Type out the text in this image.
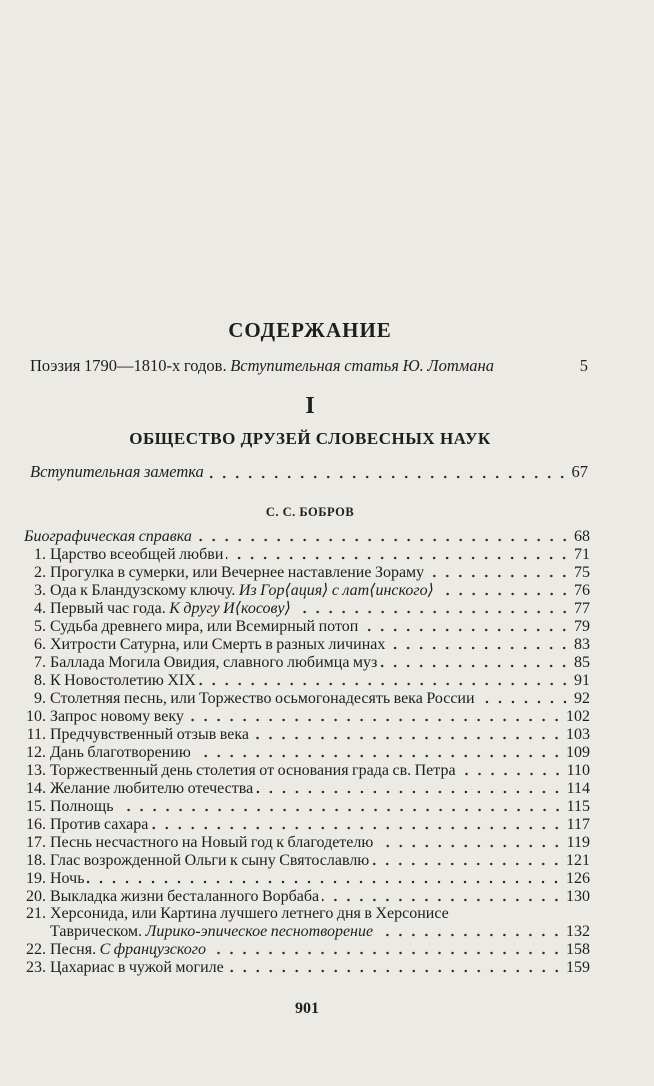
СОДЕРЖАНИЕ
Поэзия 1790—1810-х годов. Вступительная статья Ю. Лотмана	5
I
ОБЩЕСТВО ДРУЗЕЙ СЛОВЕСНЫХ НАУК
Вступительная заметка	67
С. С. БОБРОВ
Биографическая справка	68
1. Царство всеобщей любви	71
2. Прогулка в сумерки, или Вечернее наставление Зораму	75
3. Ода к Бландузскому ключу. Из Гор⟨ация⟩ с лат⟨инского⟩	76
4. Первый час года. К другу И⟨косову⟩	77
5. Судьба древнего мира, или Всемирный потоп	79
6. Хитрости Сатурна, или Смерть в разных личинах	83
7. Баллада Могила Овидия, славного любимца муз	85
8. К Новостолетию XIX	91
9. Столетняя песнь, или Торжество осьмогонадесять века России	92
10. Запрос новому веку	102
11. Предчувственный отзыв века	103
12. Дань благотворению	109
13. Торжественный день столетия от основания града св. Петра	110
14. Желание любителю отечества	114
15. Полнощь	115
16. Против сахара	117
17. Песнь несчастного на Новый год к благодетелю	119
18. Глас возрожденной Ольги к сыну Святославлю	121
19. Ночь	126
20. Выкладка жизни бесталанного Ворбаба	130
21. Херсонида, или Картина лучшего летнего дня в Херсонисе
Таврическом. Лирико-эпическое песнотворение	132
22. Песня. С французского	158
23. Цахариас в чужой могиле	159
901
